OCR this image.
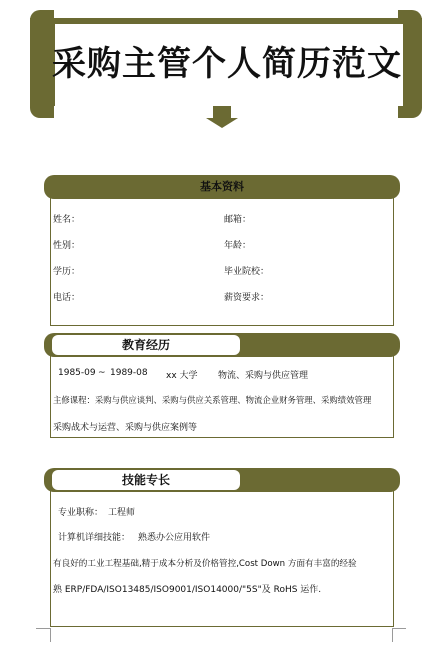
采购主管个人简历范文
基本资料
姓名：	邮箱：
性别：	年龄：
学历：	毕业院校：
电话：	薪资要求：
教育经历
1985-09 ~ 1989-08 xx 大学 物流、采购与供应管理
主修课程：采购与供应谈判、采购与供应关系管理、物流企业财务管理、采购绩效管理
采购战术与运营、采购与供应案例等
技能专长
专业职称： 工程师
计算机详细技能： 熟悉办公应用软件
有良好的工业工程基础,精于成本分析及价格管控,Cost Down 方面有丰富的经验
熟 ERP/FDA/ISO13485/ISO9001/ISO14000/"5S"及 RoHS 运作.
